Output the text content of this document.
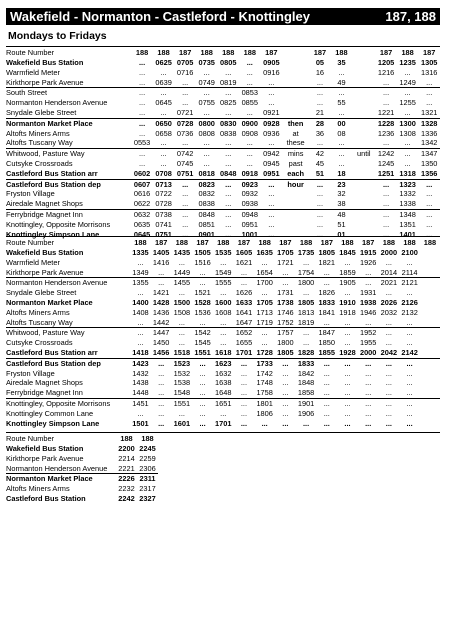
Wakefield - Normanton - Castleford - Knottingley	187, 188
Mondays to Fridays
Route Number	188	188	187	188	188	188	187		187	188		187	188	187
Wakefield Bus Station	...	0625	0705	0735	0805	...	0905		05	35		1205	1235	1305
Warmfield Meter	...	...	0716	...	...	...	0916		16	...		1216	...	1316
Kirkthorpe Park Avenue	...	0639	...	0749	0819	...	...		...	49		...	1249	...
South Street	...	...	...	...	...	0853	...		...	...		...	...	...
Normanton Henderson Avenue	...	0645	...	0755	0825	0855	...		...	55		...	1255	...
Snydale Glebe Street	...	...	0721	...	...	...	0921		21	...		1221	...	1321
Normanton Market Place	...	0650	0728	0800	0830	0900	0928	then	28	00		1228	1300	1328
Altofts Miners Arms	...	0658	0736	0808	0838	0908	0936	at	36	08		1236	1308	1336
Altofts Tuscany Way	0553	...	...	...	...	...	...	these	...	...		...	...	1342
Whitwood, Pasture Way	...	...	0742	...	...	...	0942	mins	42	...	until	1242	...	1347
Cutsyke Crossroads	...	...	0745	...	...	...	0945	past	45	...		1245	...	1350
Castleford Bus Station arr	0602	0708	0751	0818	0848	0918	0951	each	51	18		1251	1318	1356
Castleford Bus Station dep	0607	0713	...	0823	...	0923	...	hour	...	23		...	1323	...
Fryston Village	0616	0722	...	0832	...	0932	...		...	32		...	1332	...
Airedale Magnet Shops	0622	0728	...	0838	...	0938	...		...	38		...	1338	...
Ferrybridge Magnet Inn	0632	0738	...	0848	...	0948	...		...	48		...	1348	...
Knottingley, Opposite Morrisons	0635	0741	...	0851	...	0951	...		...	51		...	1351	...
Knottingley Simpson Lane	0645	0751	...	0901	...	1001	...		...	01		...	1401	...
Route Number	188	187	188	187	188	187	188	187	188	187	188	187	188	188	188
Wakefield Bus Station	1335	1405	1435	1505	1535	1605	1635	1705	1735	1805	1845	1915	2000	2100	
Warmfield Meter	...	1416	...	1516	...	1621	...	1721	...	1821	...	1926	...	...	
Kirkthorpe Park Avenue	1349	...	1449	...	1549	...	1654	...	1754	...	1859	...	2014	2114	
Normanton Henderson Avenue	1355	...	1455	...	1555	...	1700	...	1800	...	1905	...	2021	2121	
Snydale Glebe Street	...	1421	...	1521	...	1626	...	1731	...	1826	...	1931	...	...	
Normanton Market Place	1400	1428	1500	1528	1600	1633	1705	1738	1805	1833	1910	1938	2026	2126	
Altofts Miners Arms	1408	1436	1508	1536	1608	1641	1713	1746	1813	1841	1918	1946	2032	2132	
Altofts Tuscany Way	...	1442	...	...	...	1647	1719	1752	1819	...	...	...	...	...	
Whitwood, Pasture Way	...	1447	...	1542	...	1652	...	1757	...	1847	...	1952	...	...	
Cutsyke Crossroads	...	1450	...	1545	...	1655	...	1800	...	1850	...	1955	...	...	
Castleford Bus Station arr	1418	1456	1518	1551	1618	1701	1728	1805	1828	1855	1928	2000	2042	2142	
Castleford Bus Station dep	1423	...	1523	...	1623	...	1733	...	1833	...	...	...	...	...	
Fryston Village	1432	...	1532	...	1632	...	1742	...	1842	...	...	...	...	...	
Airedale Magnet Shops	1438	...	1538	...	1638	...	1748	...	1848	...	...	...	...	...	
Ferrybridge Magnet Inn	1448	...	1548	...	1648	...	1758	...	1858	...	...	...	...	...	
Knottingley, Opposite Morrisons	1451	...	1551	...	1651	...	1801	...	1901	...	...	...	...	...	
Knottingley Common Lane	...	...	...	...	...	...	1806	...	1906	...	...	...	...	...	
Knottingley Simpson Lane	1501	...	1601	...	1701	...	...	...	...	...	...	...	...	...	
Route Number	188	188
Wakefield Bus Station	2200	2245
Kirkthorpe Park Avenue	2214	2259
Normanton Henderson Avenue	2221	2306
Normanton Market Place	2226	2311
Altofts Miners Arms	2232	2317
Castleford Bus Station	2242	2327
